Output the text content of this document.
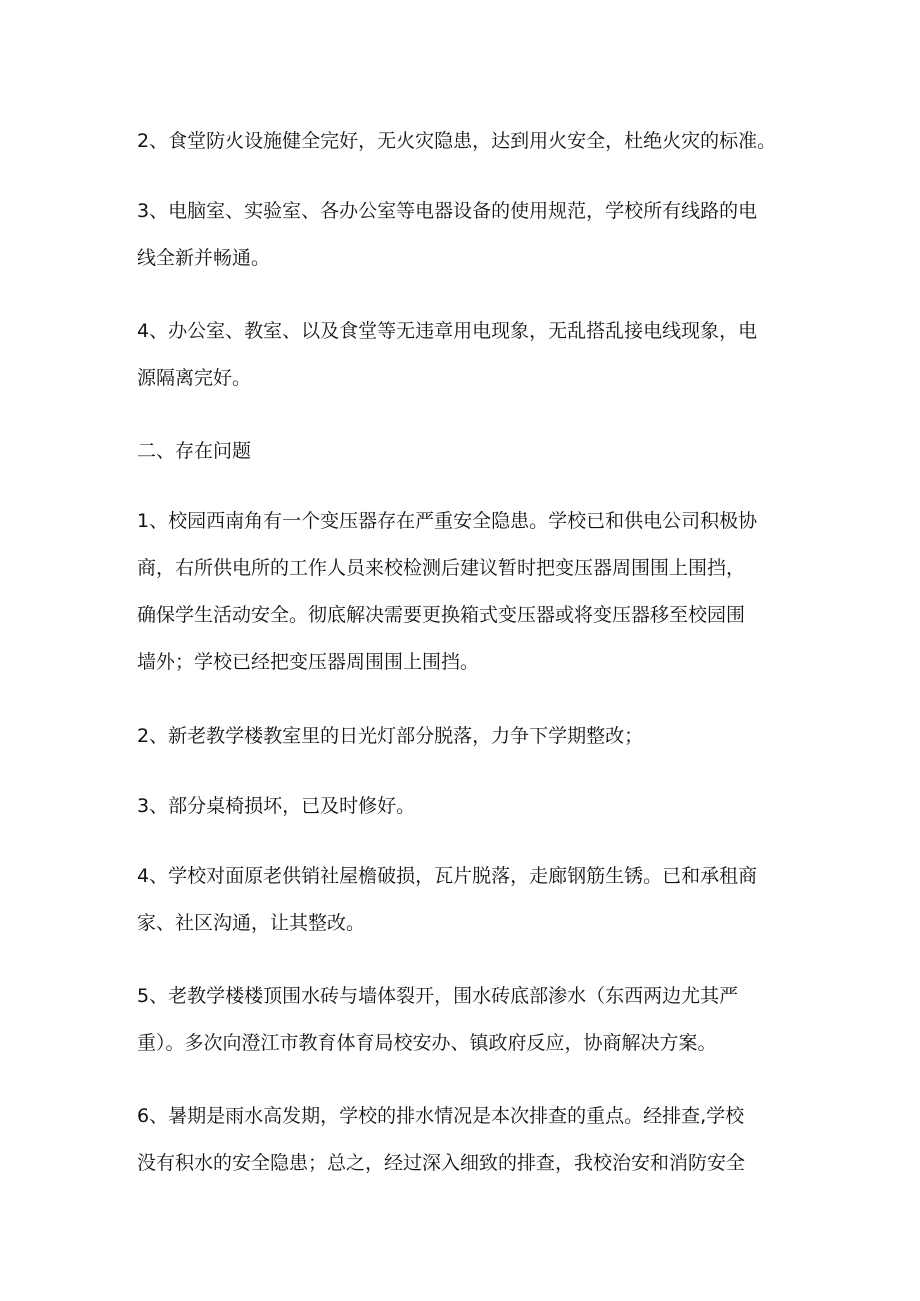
2、食堂防火设施健全完好，无火灾隐患，达到用火安全，杜绝火灾的标准。

3、电脑室、实验室、各办公室等电器设备的使用规范，学校所有线路的电
线全新并畅通。

4、办公室、教室、以及食堂等无违章用电现象，无乱搭乱接电线现象，电
源隔离完好。

二、存在问题

1、校园西南角有一个变压器存在严重安全隐患。学校已和供电公司积极协
商，右所供电所的工作人员来校检测后建议暂时把变压器周围围上围挡，
确保学生活动安全。彻底解决需要更换箱式变压器或将变压器移至校园围
墙外；学校已经把变压器周围围上围挡。

2、新老教学楼教室里的日光灯部分脱落，力争下学期整改；

3、部分桌椅损坏，已及时修好。

4、学校对面原老供销社屋檐破损，瓦片脱落，走廊钢筋生锈。已和承租商
家、社区沟通，让其整改。

5、老教学楼楼顶围水砖与墙体裂开，围水砖底部渗水（东西两边尤其严
重）。多次向澄江市教育体育局校安办、镇政府反应，协商解决方案。

6、暑期是雨水高发期，学校的排水情况是本次排查的重点。经排查,学校
没有积水的安全隐患；总之，经过深入细致的排查，我校治安和消防安全
